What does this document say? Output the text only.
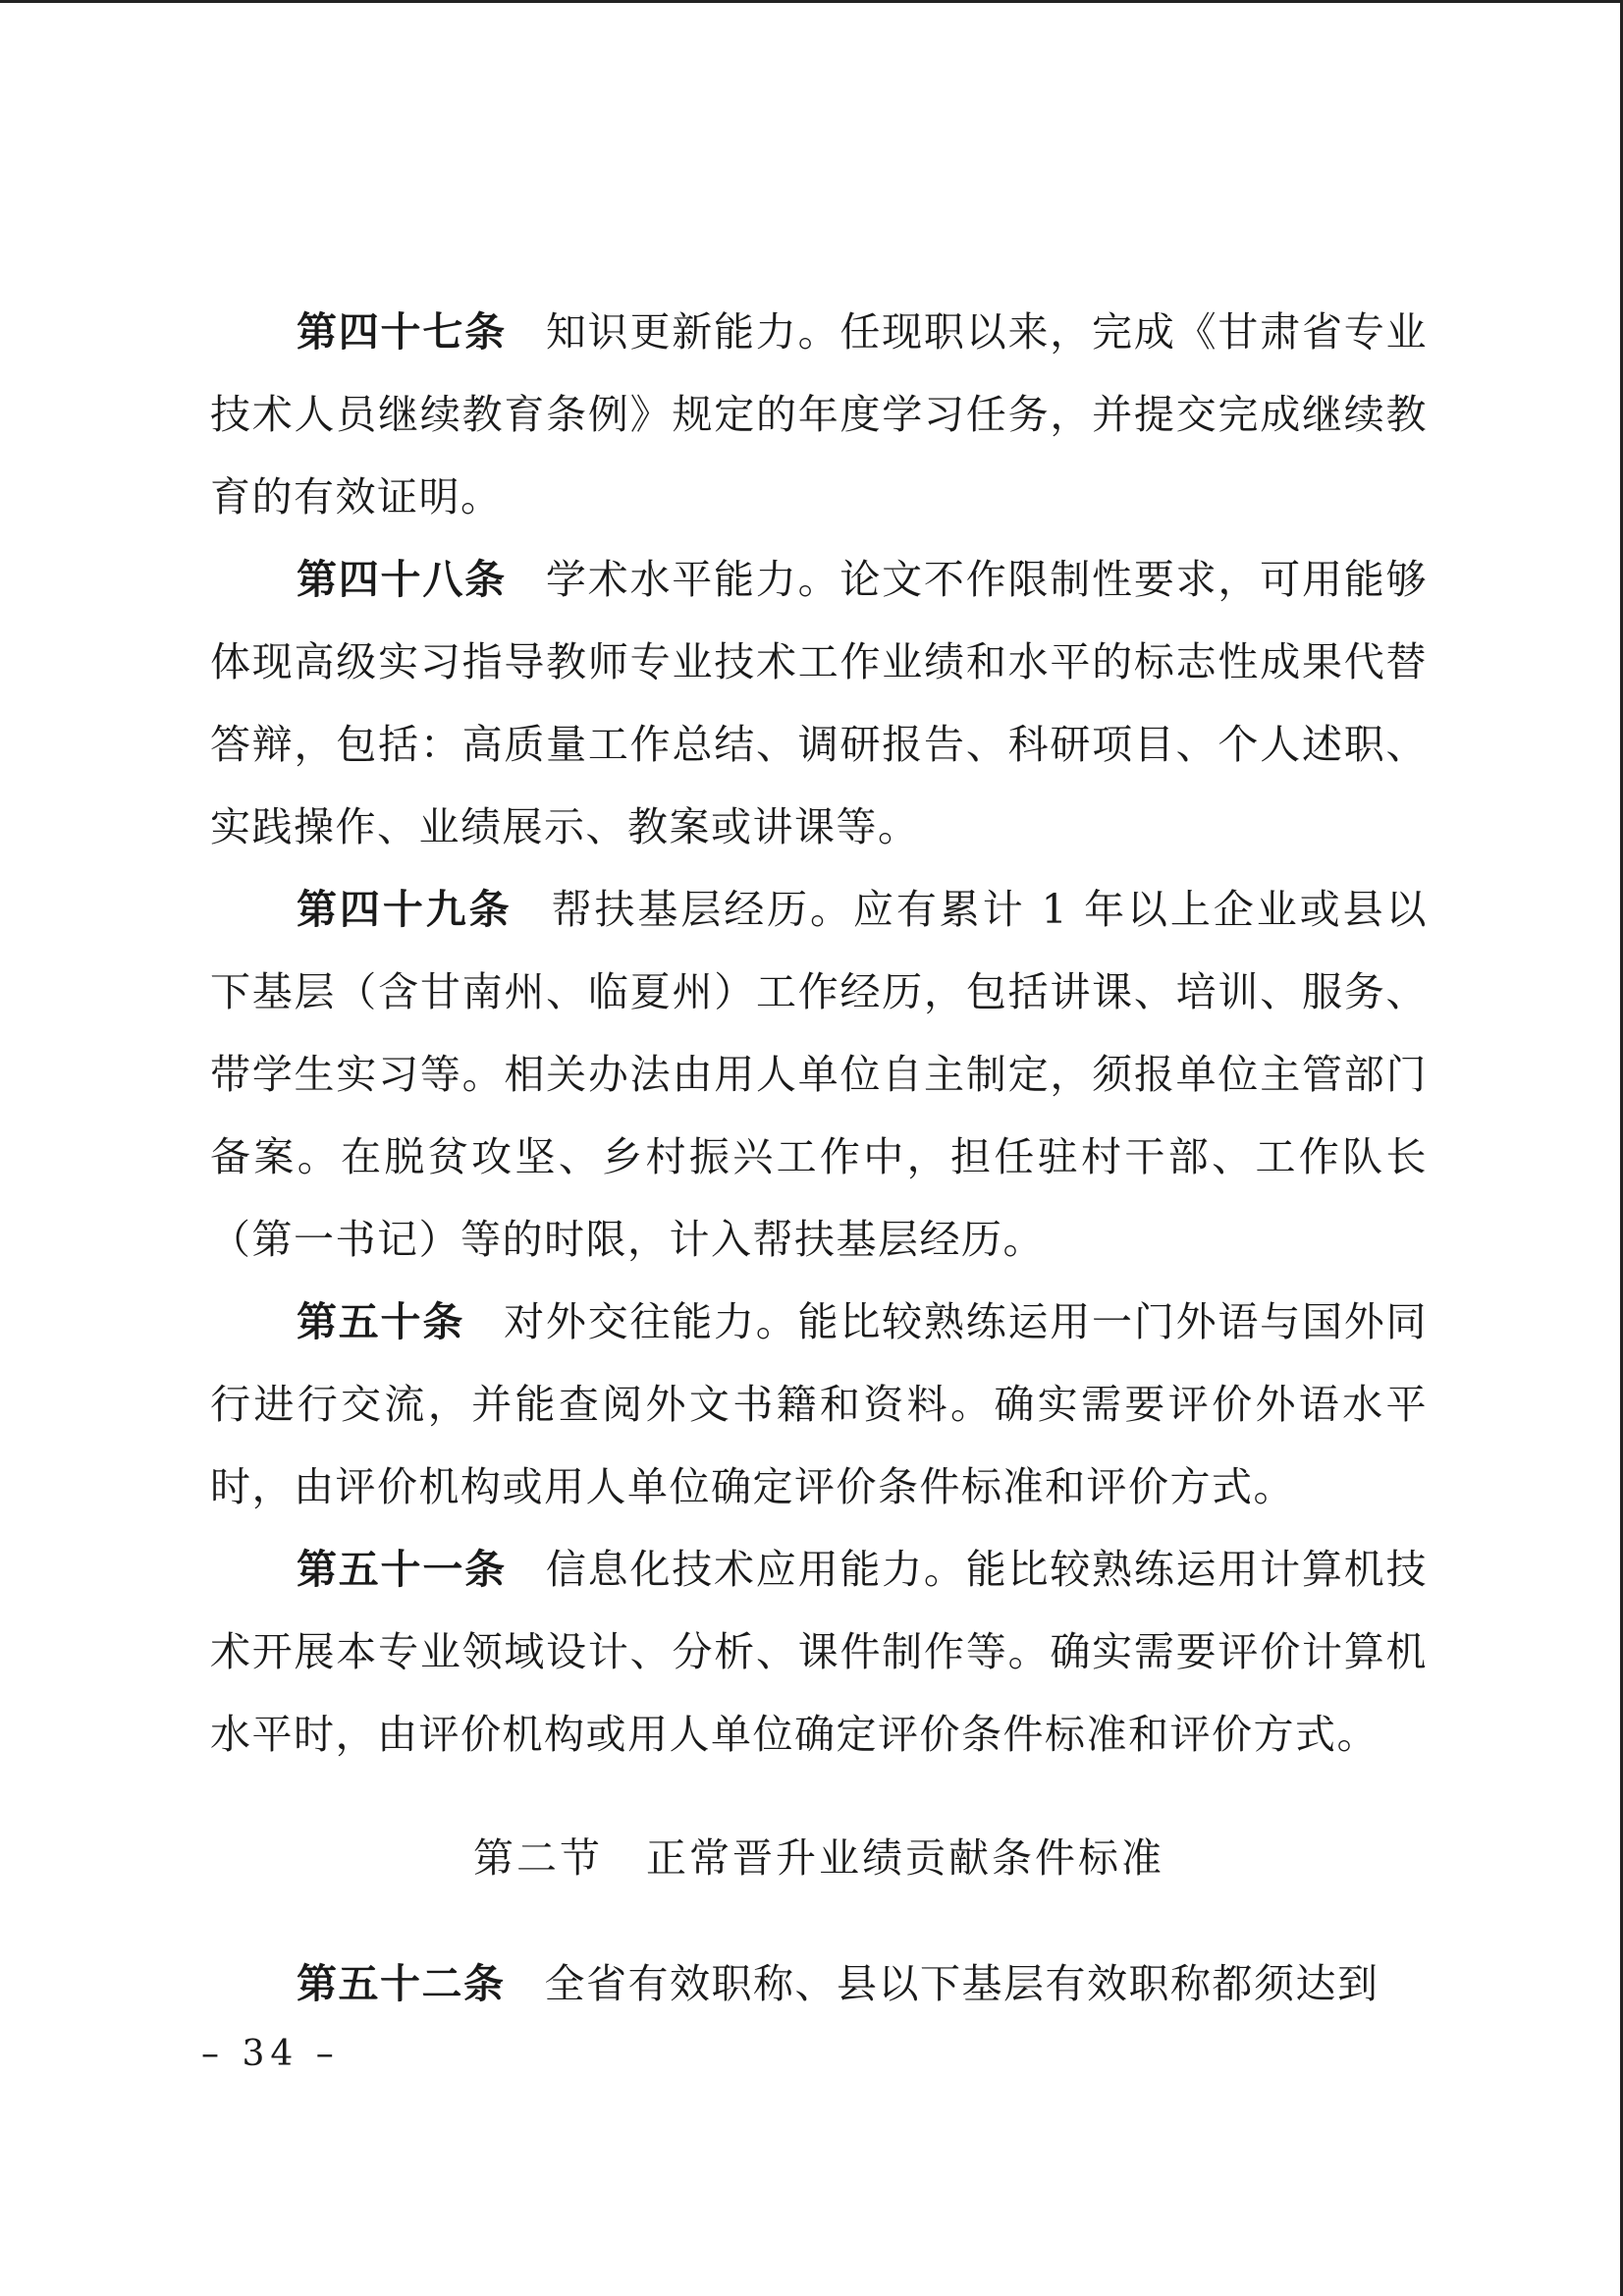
第四十七条 知识更新能力。任现职以来，完成《甘肃省专业技术人员继续教育条例》规定的年度学习任务，并提交完成继续教育的有效证明。

第四十八条 学术水平能力。论文不作限制性要求，可用能够体现高级实习指导教师专业技术工作业绩和水平的标志性成果代替答辩，包括：高质量工作总结、调研报告、科研项目、个人述职、实践操作、业绩展示、教案或讲课等。

第四十九条 帮扶基层经历。应有累计 1 年以上企业或县以下基层（含甘南州、临夏州）工作经历，包括讲课、培训、服务、带学生实习等。相关办法由用人单位自主制定，须报单位主管部门备案。在脱贫攻坚、乡村振兴工作中，担任驻村干部、工作队长（第一书记）等的时限，计入帮扶基层经历。

第五十条 对外交往能力。能比较熟练运用一门外语与国外同行进行交流，并能查阅外文书籍和资料。确实需要评价外语水平时，由评价机构或用人单位确定评价条件标准和评价方式。

第五十一条 信息化技术应用能力。能比较熟练运用计算机技术开展本专业领域设计、分析、课件制作等。确实需要评价计算机水平时，由评价机构或用人单位确定评价条件标准和评价方式。

第二节 正常晋升业绩贡献条件标准

第五十二条 全省有效职称、县以下基层有效职称都须达到

– 34 –
